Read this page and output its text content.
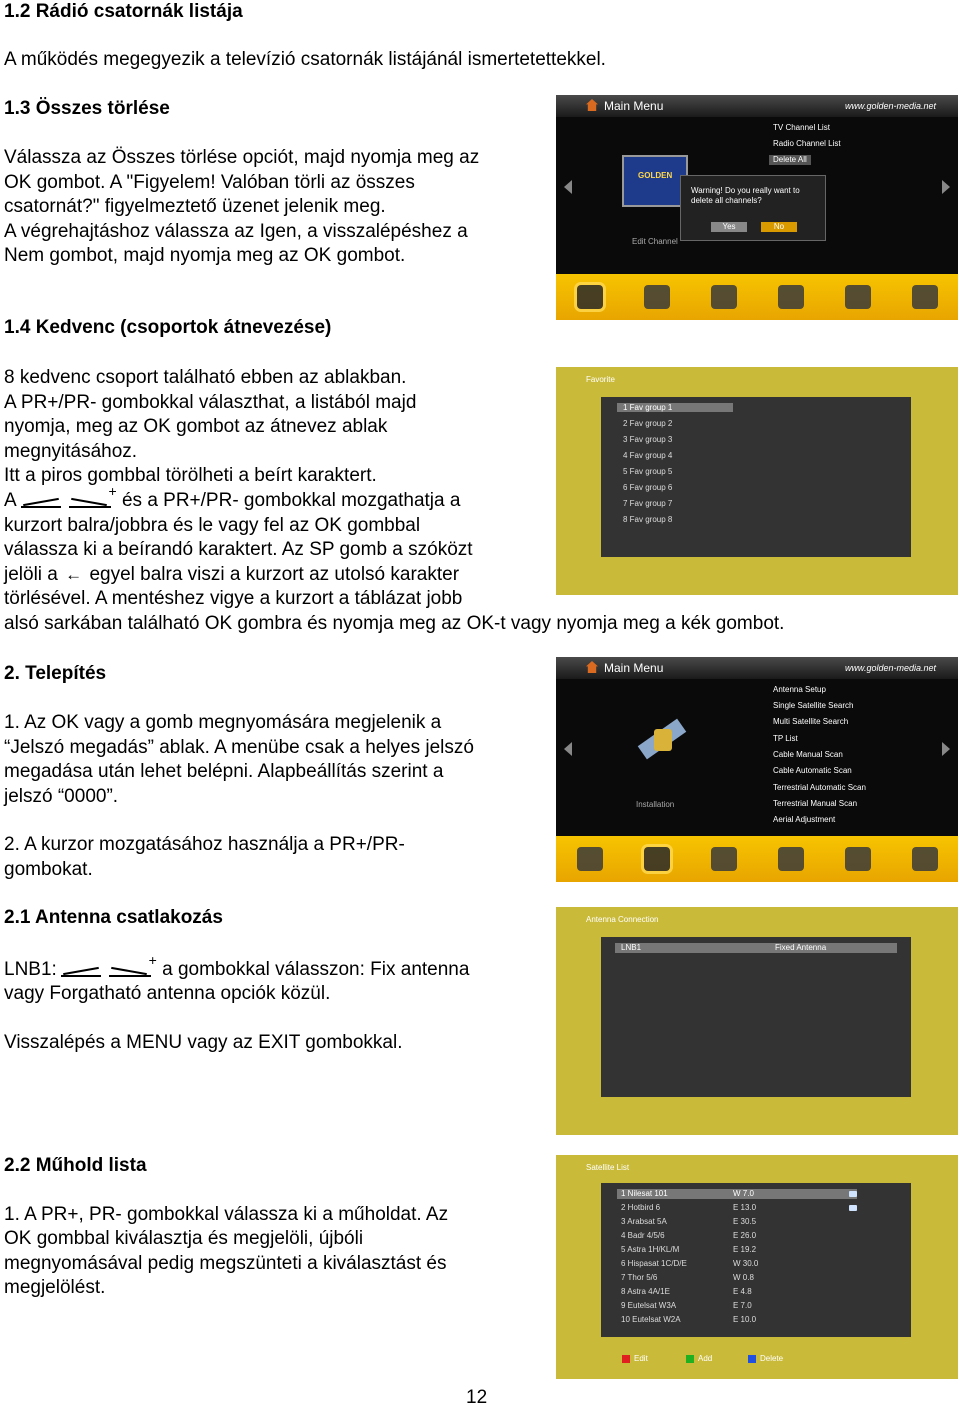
1.2 Rádió csatornák listája
A működés megegyezik a televízió csatornák listájánál ismertetettekkel.
1.3 Összes törlése
Válassza az Összes törlése opciót, majd nyomja meg az
OK gombot. A "Figyelem! Valóban törli az összes
csatornát?" figyelmeztető üzenet jelenik meg.
A végrehajtáshoz válassza az Igen, a visszalépéshez a
Nem gombot, majd nyomja meg az OK gombot.
Main Menu	www.golden-media.net
TV Channel List
Radio Channel List
Delete All
GOLDEN
Edit Channel
Warning! Do you really want to
delete all channels?
Yes	No
1.4 Kedvenc (csoportok átnevezése)
8 kedvenc csoport található ebben az ablakban.
A PR+/PR- gombokkal választhat, a listából majd
nyomja, meg az OK gombot az átnevez ablak
megnyitásához.
Itt a piros gombbal törölheti a beírt karaktert.
A	+ és a PR+/PR- gombokkal mozgathatja a
kurzort balra/jobbra és le vagy fel az OK gombbal
válassza ki a beírandó karaktert. Az SP gomb a szóközt
jelöli a ← egyel balra viszi a kurzort az utolsó karakter
törlésével. A mentéshez vigye a kurzort a táblázat jobb
alsó sarkában található OK gombra és nyomja meg az OK-t vagy nyomja meg a kék gombot.
Favorite
1 Fav group 1
2 Fav group 2
3 Fav group 3
4 Fav group 4
5 Fav group 5
6 Fav group 6
7 Fav group 7
8 Fav group 8
2. Telepítés
1. Az OK vagy a gomb megnyomására megjelenik a
“Jelszó megadás” ablak. A menübe csak a helyes jelszó
megadása után lehet belépni. Alapbeállítás szerint a
jelszó “0000”.
2. A kurzor mozgatásához használja a PR+/PR-
gombokat.
Main Menu	www.golden-media.net
Antenna Setup
Single Satellite Search
Multi Satellite Search
TP List
Cable Manual Scan
Cable Automatic Scan
Terrestrial Automatic Scan
Terrestrial Manual Scan
Aerial Adjustment
Installation
2.1 Antenna csatlakozás
LNB1:	+ a gombokkal válasszon: Fix antenna
vagy Forgatható antenna opciók közül.
Visszalépés a MENU vagy az EXIT gombokkal.
Antenna Connection
LNB1	Fixed Antenna
2.2 Műhold lista
1. A PR+, PR- gombokkal válassza ki a műholdat. Az
OK gombbal kiválasztja és megjelöli, újbóli
megnyomásával pedig megszünteti a kiválasztást és
megjelölést.
Satellite List
1 Nilesat 101	W 7.0
2 Hotbird 6	E 13.0
3 Arabsat 5A	E 30.5
4 Badr 4/5/6	E 26.0
5 Astra 1H/KL/M	E 19.2
6 Hispasat 1C/D/E	W 30.0
7 Thor 5/6	W 0.8
8 Astra 4A/1E	E 4.8
9 Eutelsat W3A	E 7.0
10 Eutelsat W2A	E 10.0
Edit	Add	Delete
12
